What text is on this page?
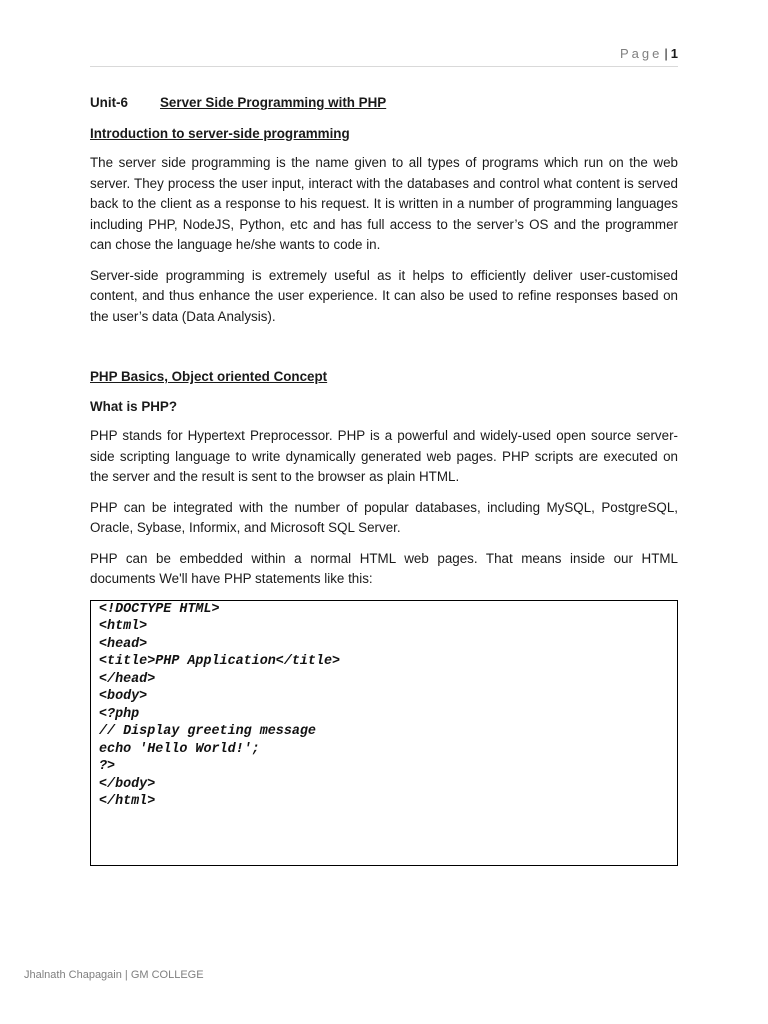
Page | 1
Unit-6 Server Side Programming with PHP
Introduction to server-side programming

The server side programming is the name given to all types of programs which run on the web server. They process the user input, interact with the databases and control what content is served back to the client as a response to his request. It is written in a number of programming languages including PHP, NodeJS, Python, etc and has full access to the server’s OS and the programmer can chose the language he/she wants to code in.

Server-side programming is extremely useful as it helps to efficiently deliver user-customised content, and thus enhance the user experience. It can also be used to refine responses based on the user’s data (Data Analysis).

PHP Basics, Object oriented Concept
What is PHP?

PHP stands for Hypertext Preprocessor. PHP is a powerful and widely-used open source server-side scripting language to write dynamically generated web pages. PHP scripts are executed on the server and the result is sent to the browser as plain HTML.

PHP can be integrated with the number of popular databases, including MySQL, PostgreSQL, Oracle, Sybase, Informix, and Microsoft SQL Server.

PHP can be embedded within a normal HTML web pages. That means inside our HTML documents We'll have PHP statements like this:

<!DOCTYPE HTML>
<html>
<head>
<title>PHP Application</title>
</head>
<body>
<?php
// Display greeting message
echo 'Hello World!';
?>
</body>
</html>
Jhalnath Chapagain | GM COLLEGE
